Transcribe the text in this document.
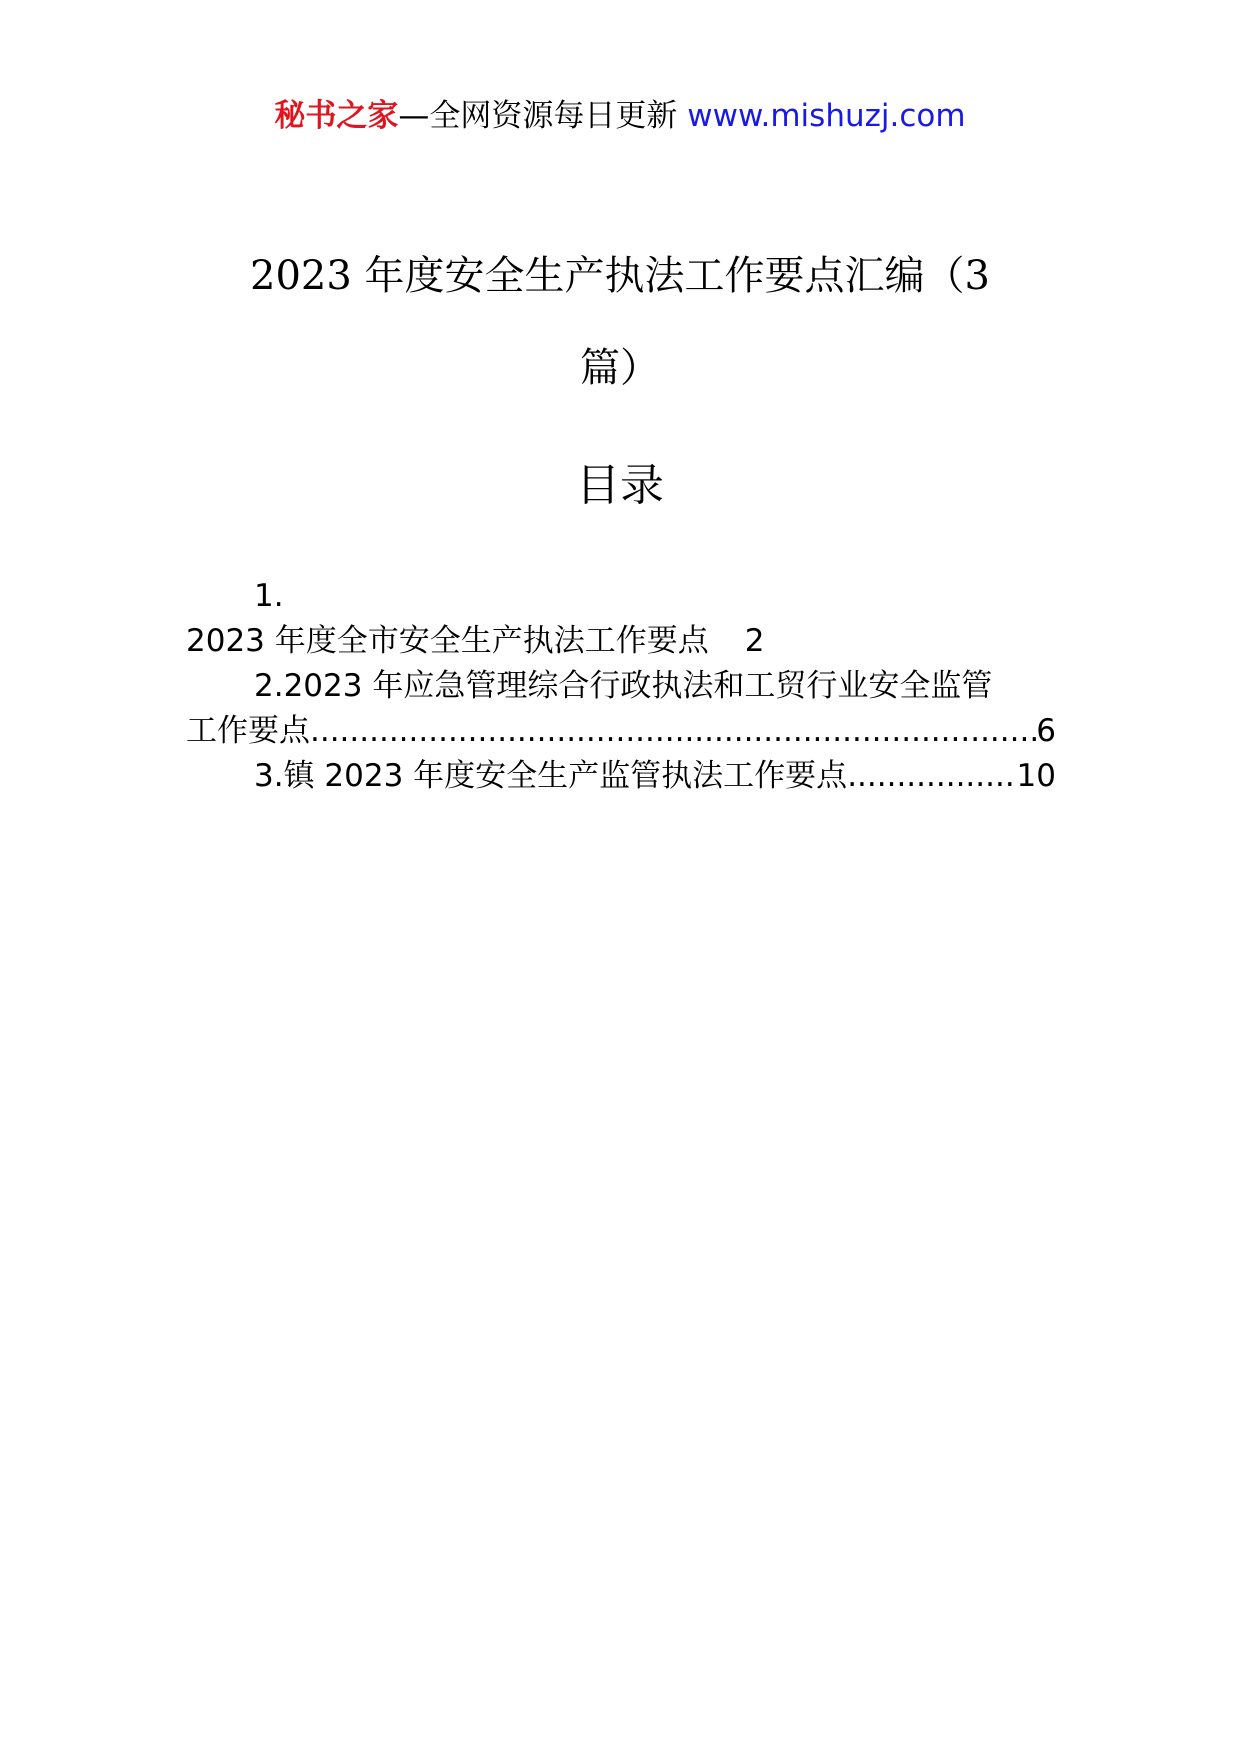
秘书之家—全网资源每日更新 www.mishuzj.com
2023 年度安全生产执法工作要点汇编（3
篇）
目录
1.
2023 年度全市安全生产执法工作要点 2
2.2023 年应急管理综合行政执法和工贸行业安全监管
工作要点 .....	6
3.镇 2023 年度安全生产监管执法工作要点 .....	10
